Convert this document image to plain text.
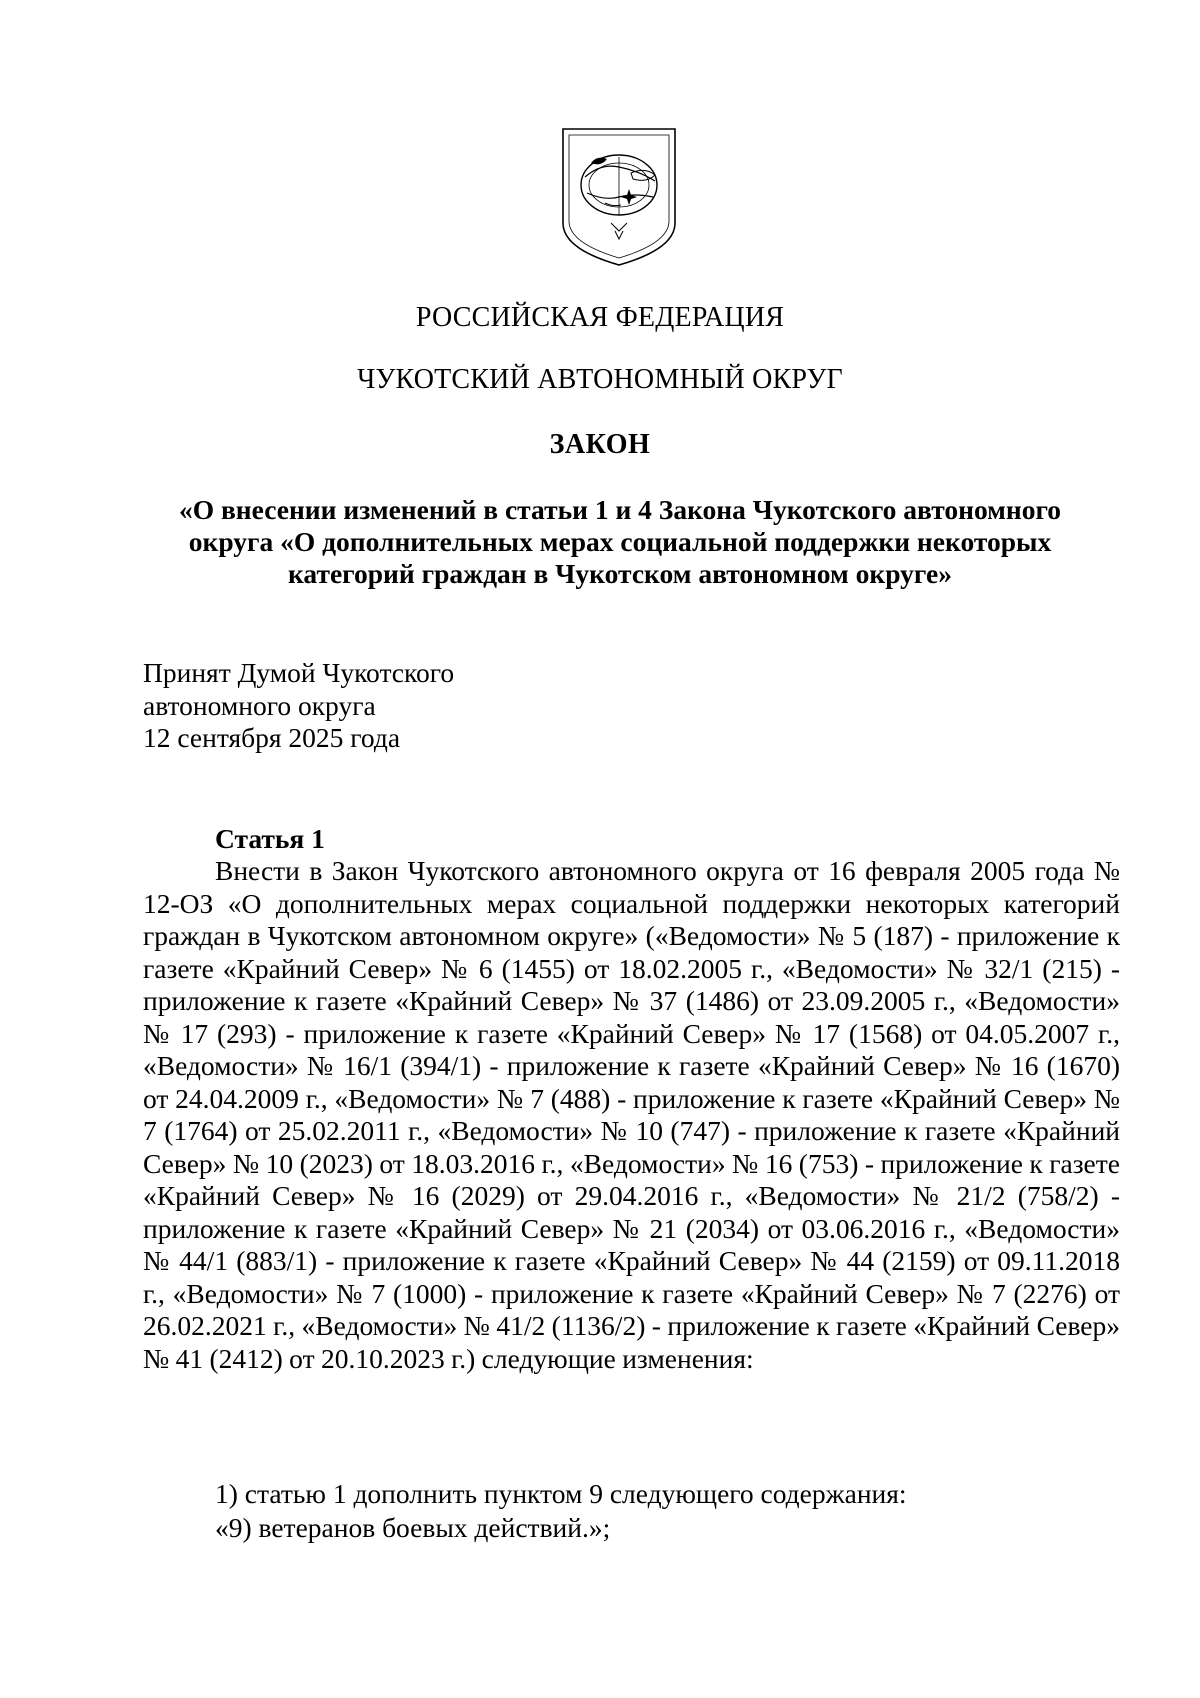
РОССИЙСКАЯ ФЕДЕРАЦИЯ
ЧУКОТСКИЙ АВТОНОМНЫЙ ОКРУГ
ЗАКОН
«О внесении изменений в статьи 1 и 4 Закона Чукотского автономного округа «О дополнительных мерах социальной поддержки некоторых категорий граждан в Чукотском автономном округе»
Принят Думой Чукотского
автономного округа
12 сентября 2025 года
Статья 1
Внести в Закон Чукотского автономного округа от 16 февраля 2005 года № 12-ОЗ «О дополнительных мерах социальной поддержки некоторых категорий граждан в Чукотском автономном округе» («Ведомости» № 5 (187) - приложение к газете «Крайний Север» № 6 (1455) от 18.02.2005 г., «Ведомости» № 32/1 (215) - приложение к газете «Крайний Север» № 37 (1486) от 23.09.2005 г., «Ведомости» № 17 (293) - приложение к газете «Крайний Север» № 17 (1568) от 04.05.2007 г., «Ведомости» № 16/1 (394/1) - приложение к газете «Крайний Север» № 16 (1670) от 24.04.2009 г., «Ведомости» № 7 (488) - приложение к газете «Крайний Север» № 7 (1764) от 25.02.2011 г., «Ведомости» № 10 (747) - приложение к газете «Крайний Север» № 10 (2023) от 18.03.2016 г., «Ведомости» № 16 (753) - приложение к газете «Крайний Север» № 16 (2029) от 29.04.2016 г., «Ведомости» № 21/2 (758/2) - приложение к газете «Крайний Север» № 21 (2034) от 03.06.2016 г., «Ведомости» № 44/1 (883/1) - приложение к газете «Крайний Север» № 44 (2159) от 09.11.2018 г., «Ведомости» № 7 (1000) - приложение к газете «Крайний Север» № 7 (2276) от 26.02.2021 г., «Ведомости» № 41/2 (1136/2) - приложение к газете «Крайний Север» № 41 (2412) от 20.10.2023 г.) следующие изменения:
1) статью 1 дополнить пунктом 9 следующего содержания:
«9) ветеранов боевых действий.»;
